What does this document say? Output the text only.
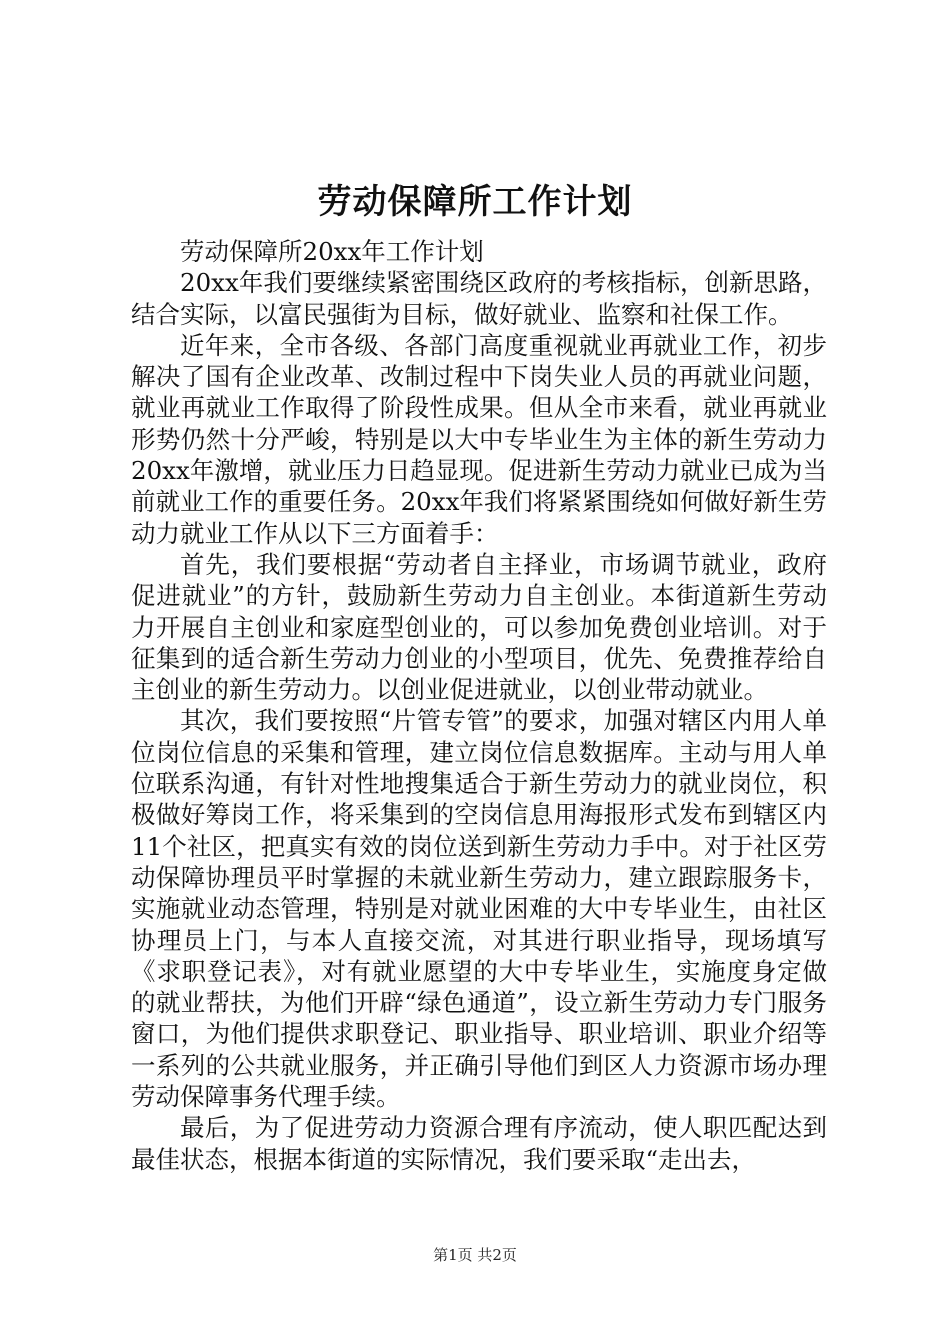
劳动保障所工作计划

劳动保障所20xx年工作计划

20xx年我们要继续紧密围绕区政府的考核指标，创新思路，结合实际，以富民强街为目标，做好就业、监察和社保工作。

近年来，全市各级、各部门高度重视就业再就业工作，初步解决了国有企业改革、改制过程中下岗失业人员的再就业问题，就业再就业工作取得了阶段性成果。但从全市来看，就业再就业形势仍然十分严峻，特别是以大中专毕业生为主体的新生劳动力20xx年激增，就业压力日趋显现。促进新生劳动力就业已成为当前就业工作的重要任务。20xx年我们将紧紧围绕如何做好新生劳动力就业工作从以下三方面着手：

首先，我们要根据“劳动者自主择业，市场调节就业，政府促进就业”的方针，鼓励新生劳动力自主创业。本街道新生劳动力开展自主创业和家庭型创业的，可以参加免费创业培训。对于征集到的适合新生劳动力创业的小型项目，优先、免费推荐给自主创业的新生劳动力。以创业促进就业，以创业带动就业。

其次，我们要按照“片管专管”的要求，加强对辖区内用人单位岗位信息的采集和管理，建立岗位信息数据库。主动与用人单位联系沟通，有针对性地搜集适合于新生劳动力的就业岗位，积极做好筹岗工作，将采集到的空岗信息用海报形式发布到辖区内11个社区，把真实有效的岗位送到新生劳动力手中。对于社区劳动保障协理员平时掌握的未就业新生劳动力，建立跟踪服务卡，实施就业动态管理，特别是对就业困难的大中专毕业生，由社区协理员上门，与本人直接交流，对其进行职业指导，现场填写《求职登记表》，对有就业愿望的大中专毕业生，实施度身定做的就业帮扶，为他们开辟“绿色通道”，设立新生劳动力专门服务窗口，为他们提供求职登记、职业指导、职业培训、职业介绍等一系列的公共就业服务，并正确引导他们到区人力资源市场办理劳动保障事务代理手续。

最后，为了促进劳动力资源合理有序流动，使人职匹配达到最佳状态，根据本街道的实际情况，我们要采取“走出去，

第1页 共2页
